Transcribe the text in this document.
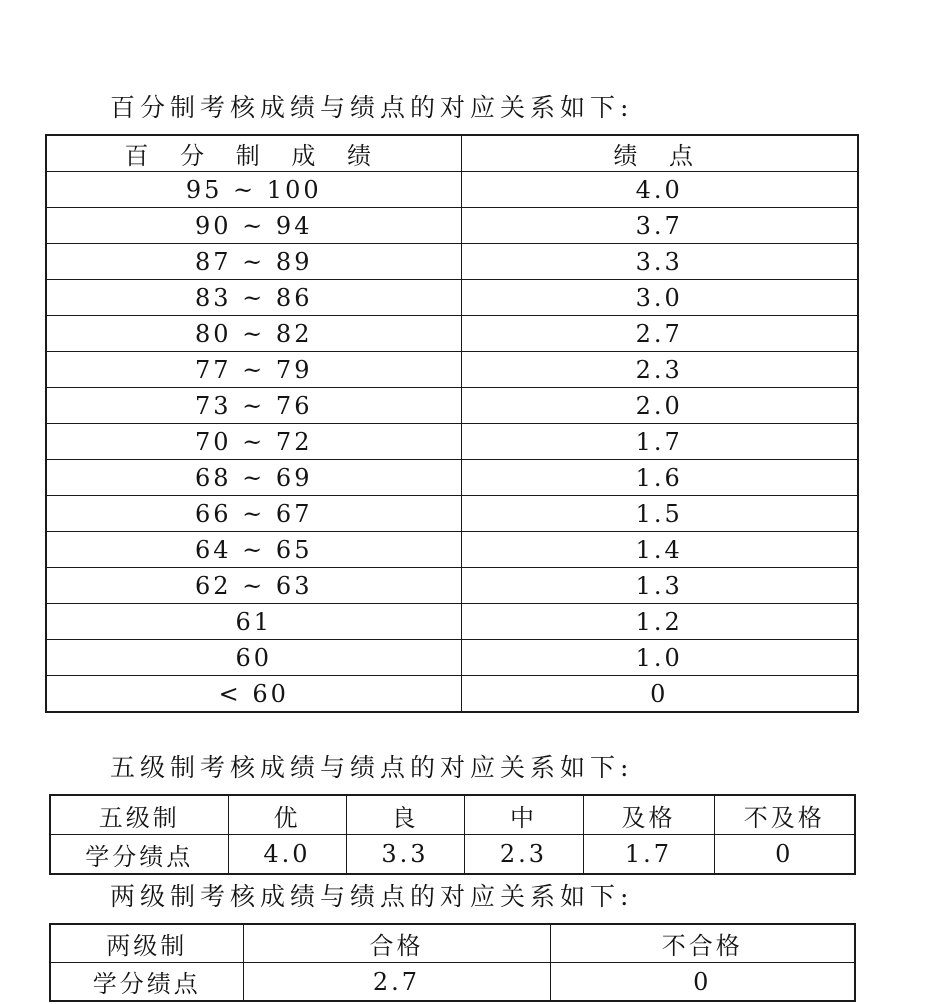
百分制考核成绩与绩点的对应关系如下:
百 分 制 成 绩	绩 点
95 ~ 100	4.0
90 ~ 94	3.7
87 ~ 89	3.3
83 ~ 86	3.0
80 ~ 82	2.7
77 ~ 79	2.3
73 ~ 76	2.0
70 ~ 72	1.7
68 ~ 69	1.6
66 ~ 67	1.5
64 ~ 65	1.4
62 ~ 63	1.3
61	1.2
60	1.0
< 60	0
五级制考核成绩与绩点的对应关系如下:
五级制	优	良	中	及格	不及格
学分绩点	4.0	3.3	2.3	1.7	0
两级制考核成绩与绩点的对应关系如下:
两级制	合格	不合格
学分绩点	2.7	0
